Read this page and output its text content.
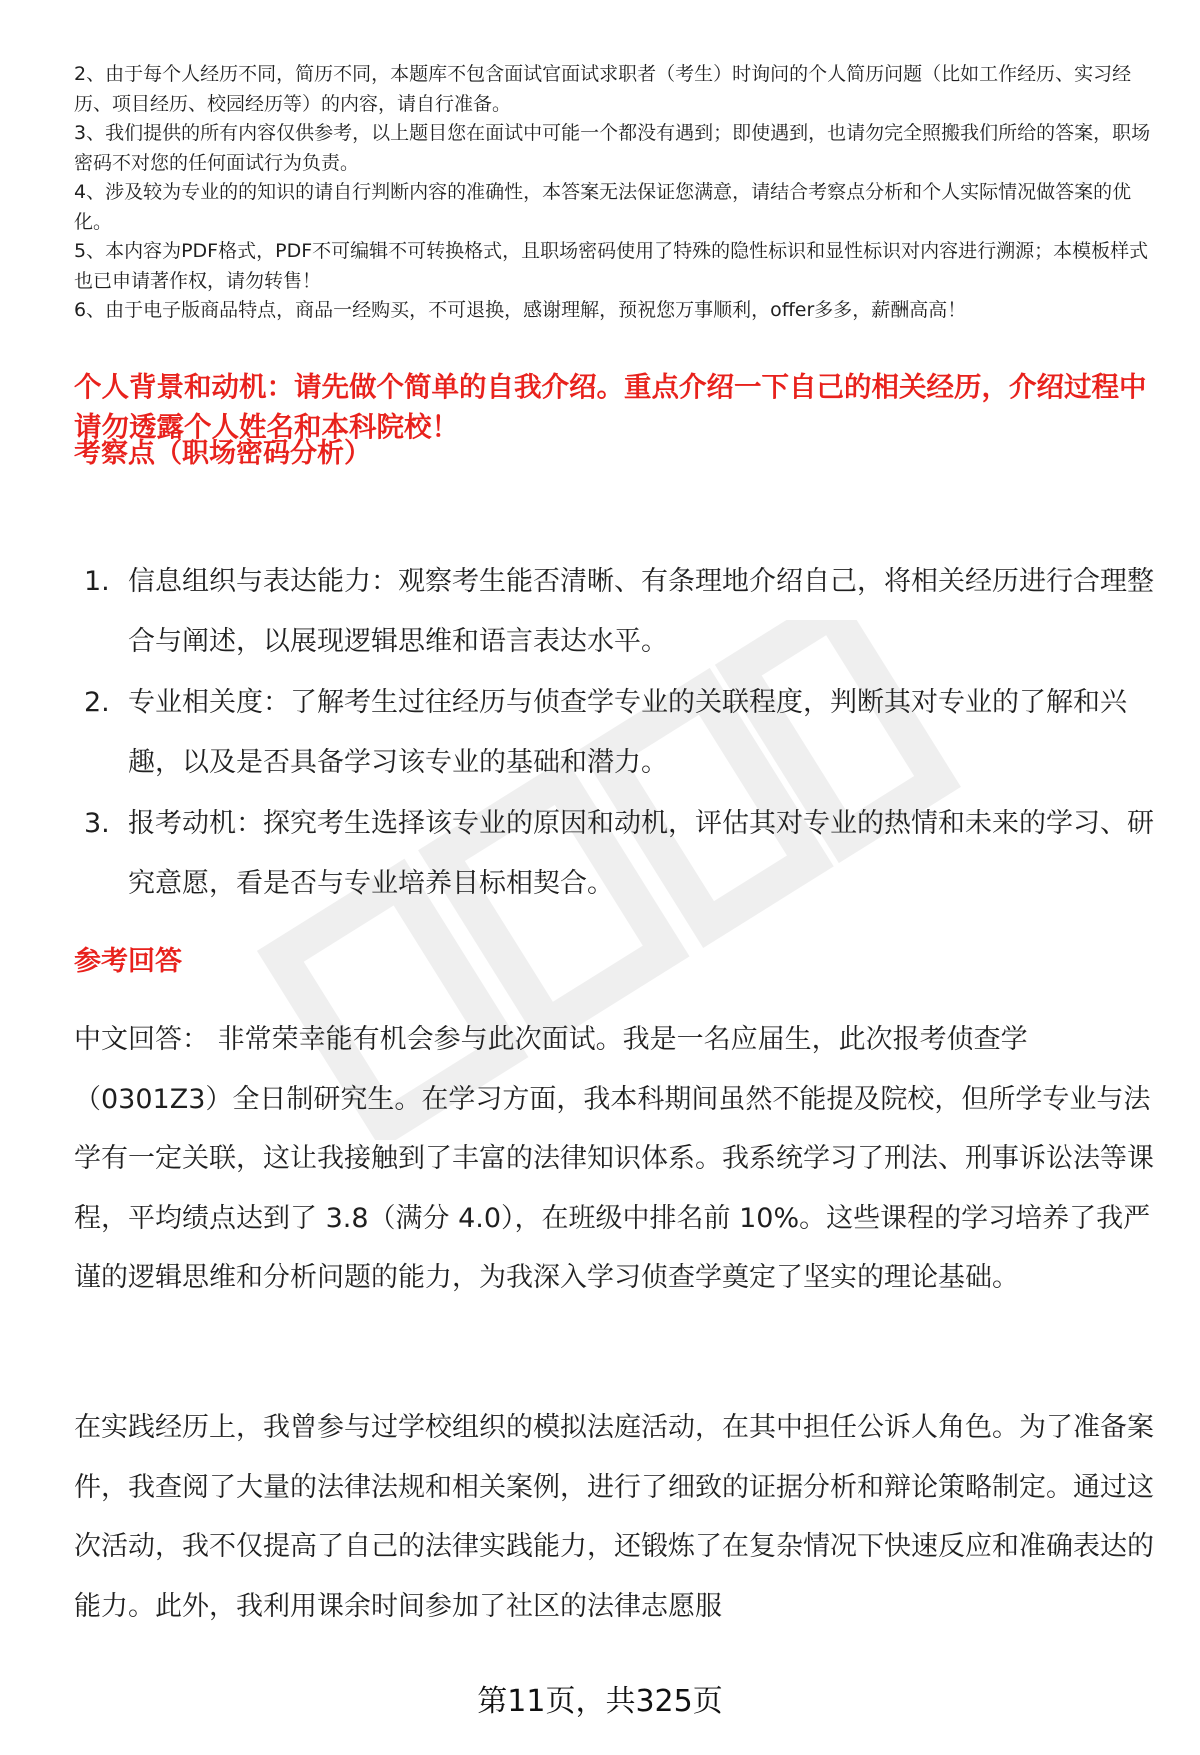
2、由于每个人经历不同，简历不同，本题库不包含面试官面试求职者（考生）时询问的个人简历问题（比如工作经历、实习经历、项目经历、校园经历等）的内容，请自行准备。

3、我们提供的所有内容仅供参考，以上题目您在面试中可能一个都没有遇到；即使遇到，也请勿完全照搬我们所给的答案，职场密码不对您的任何面试行为负责。

4、涉及较为专业的的知识的请自行判断内容的准确性，本答案无法保证您满意，请结合考察点分析和个人实际情况做答案的优化。

5、本内容为PDF格式，PDF不可编辑不可转换格式，且职场密码使用了特殊的隐性标识和显性标识对内容进行溯源；本模板样式也已申请著作权，请勿转售！

6、由于电子版商品特点，商品一经购买，不可退换，感谢理解，预祝您万事顺利，offer多多，薪酬高高！

个人背景和动机：请先做个简单的自我介绍。重点介绍一下自己的相关经历，介绍过程中请勿透露个人姓名和本科院校！
考察点（职场密码分析）
1. 信息组织与表达能力：观察考生能否清晰、有条理地介绍自己，将相关经历进行合理整合与阐述，以展现逻辑思维和语言表达水平。
2. 专业相关度：了解考生过往经历与侦查学专业的关联程度，判断其对专业的了解和兴趣，以及是否具备学习该专业的基础和潜力。
3. 报考动机：探究考生选择该专业的原因和动机，评估其对专业的热情和未来的学习、研究意愿，看是否与专业培养目标相契合。
参考回答

中文回答： 非常荣幸能有机会参与此次面试。我是一名应届生，此次报考侦查学（0301Z3）全日制研究生。在学习方面，我本科期间虽然不能提及院校，但所学专业与法学有一定关联，这让我接触到了丰富的法律知识体系。我系统学习了刑法、刑事诉讼法等课程，平均绩点达到了 3.8（满分 4.0），在班级中排名前 10%。这些课程的学习培养了我严谨的逻辑思维和分析问题的能力，为我深入学习侦查学奠定了坚实的理论基础。

在实践经历上，我曾参与过学校组织的模拟法庭活动，在其中担任公诉人角色。为了准备案件，我查阅了大量的法律法规和相关案例，进行了细致的证据分析和辩论策略制定。通过这次活动，我不仅提高了自己的法律实践能力，还锻炼了在复杂情况下快速反应和准确表达的能力。此外，我利用课余时间参加了社区的法律志愿服

第11页，共325页
